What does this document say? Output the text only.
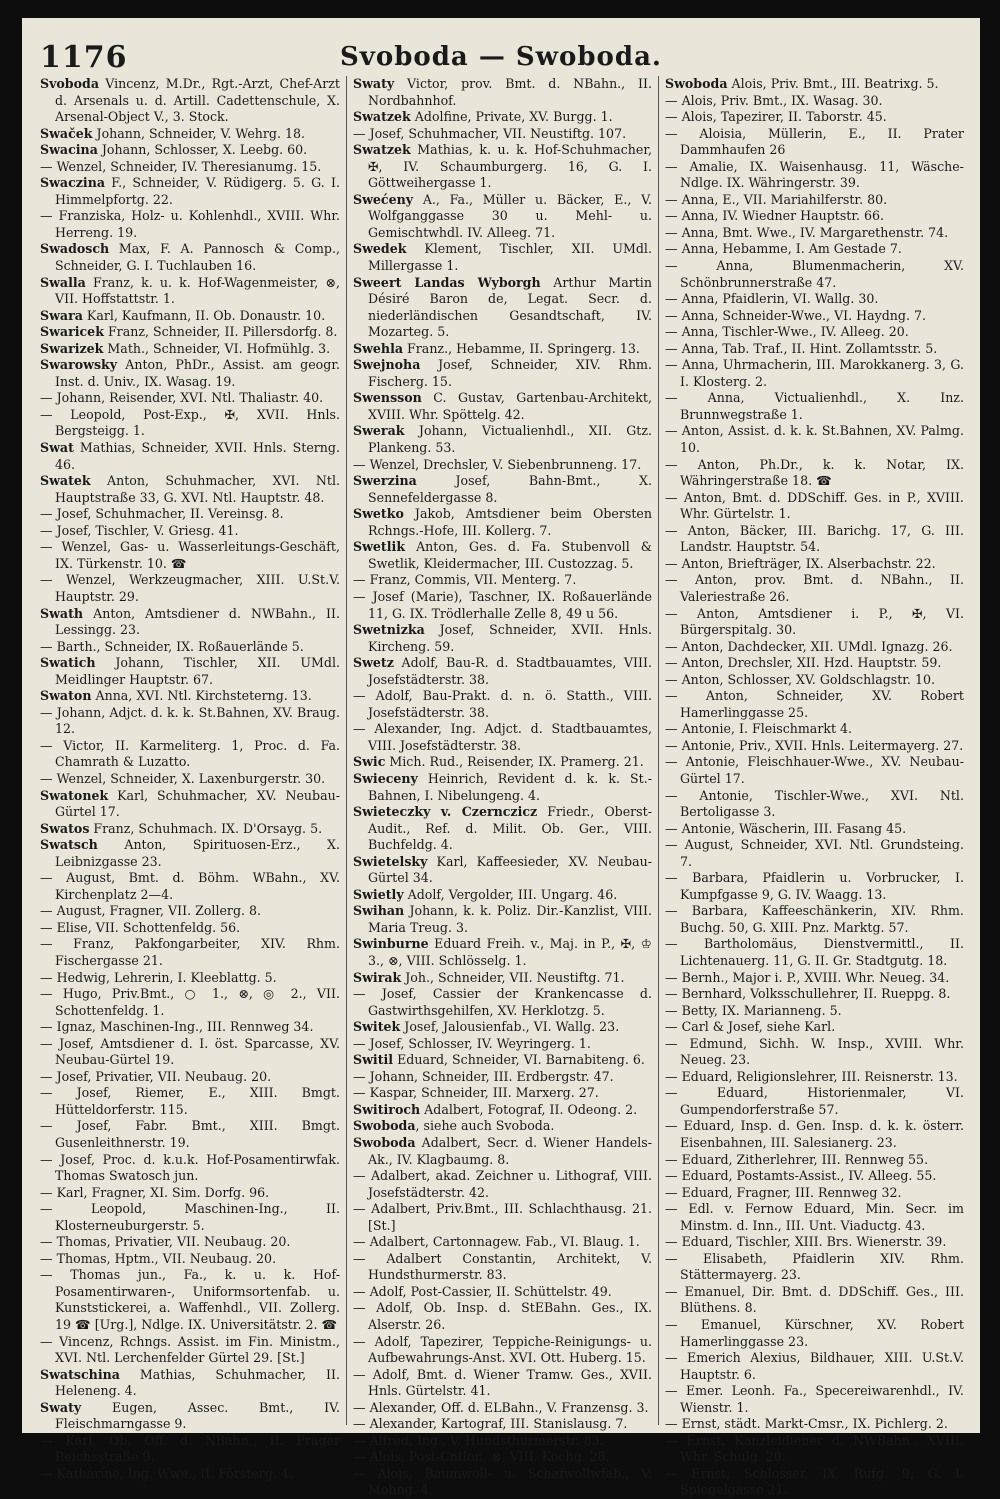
1176	Svoboda — Swoboda.

Svoboda Vincenz, M.Dr., Rgt.-Arzt, Chef-Arzt d. Arsenals u. d. Artill. Cadettenschule, X. Arsenal-Object V., 3. Stock.

Swaček Johann, Schneider, V. Wehrg. 18.

Swacina Johann, Schlosser, X. Leebg. 60.

— Wenzel, Schneider, IV. Theresianumg. 15.

Swaczina F., Schneider, V. Rüdigerg. 5. G. I. Himmelpfortg. 22.

— Franziska, Holz- u. Kohlenhdl., XVIII. Whr. Herreng. 19.

Swadosch Max, F. A. Pannosch & Comp., Schneider, G. I. Tuchlauben 16.

Swalla Franz, k. u. k. Hof-Wagenmeister, ⊗, VII. Hoffstattstr. 1.

Swara Karl, Kaufmann, II. Ob. Donaustr. 10.

Swaricek Franz, Schneider, II. Pillersdorfg. 8.

Swarizek Math., Schneider, VI. Hofmühlg. 3.

Swarowsky Anton, PhDr., Assist. am geogr. Inst. d. Univ., IX. Wasag. 19.

— Johann, Reisender, XVI. Ntl. Thaliastr. 40.

— Leopold, Post-Exp., ✠, XVII. Hnls. Bergsteigg. 1.

Swat Mathias, Schneider, XVII. Hnls. Sterng. 46.

Swatek Anton, Schuhmacher, XVI. Ntl. Hauptstraße 33, G. XVI. Ntl. Hauptstr. 48.

— Josef, Schuhmacher, II. Vereinsg. 8.

— Josef, Tischler, V. Griesg. 41.

— Wenzel, Gas- u. Wasserleitungs-Geschäft, IX. Türkenstr. 10. ☎

— Wenzel, Werkzeugmacher, XIII. U.St.V. Hauptstr. 29.

Swath Anton, Amtsdiener d. NWBahn., II. Lessingg. 23.

— Barth., Schneider, IX. Roßauerlände 5.

Swatich Johann, Tischler, XII. UMdl. Meidlinger Hauptstr. 67.

Swaton Anna, XVI. Ntl. Kirchsteterng. 13.

— Johann, Adjct. d. k. k. St.Bahnen, XV. Braug. 12.

— Victor, II. Karmeliterg. 1, Proc. d. Fa. Chamrath & Luzatto.

— Wenzel, Schneider, X. Laxenburgerstr. 30.

Swatonek Karl, Schuhmacher, XV. Neubau-Gürtel 17.

Swatos Franz, Schuhmach. IX. D'Orsayg. 5.

Swatsch Anton, Spirituosen-Erz., X. Leibnizgasse 23.

— August, Bmt. d. Böhm. WBahn., XV. Kirchenplatz 2—4.

— August, Fragner, VII. Zollerg. 8.

— Elise, VII. Schottenfeldg. 56.

— Franz, Pakfongarbeiter, XIV. Rhm. Fischergasse 21.

— Hedwig, Lehrerin, I. Kleeblattg. 5.

— Hugo, Priv.Bmt., ○ 1., ⊗, ◎ 2., VII. Schottenfeldg. 1.

— Ignaz, Maschinen-Ing., III. Rennweg 34.

— Josef, Amtsdiener d. I. öst. Sparcasse, XV. Neubau-Gürtel 19.

— Josef, Privatier, VII. Neubaug. 20.

— Josef, Riemer, E., XIII. Bmgt. Hütteldorferstr. 115.

— Josef, Fabr. Bmt., XIII. Bmgt. Gusenleithnerstr. 19.

— Josef, Proc. d. k.u.k. Hof-Posamentirwfak. Thomas Swatosch jun.

— Karl, Fragner, XI. Sim. Dorfg. 96.

— Leopold, Maschinen-Ing., II. Klosterneuburgerstr. 5.

— Thomas, Privatier, VII. Neubaug. 20.

— Thomas, Hptm., VII. Neubaug. 20.

— Thomas jun., Fa., k. u. k. Hof-Posamentirwaren-, Uniformsortenfab. u. Kunststickerei, a. Waffenhdl., VII. Zollerg. 19 ☎ [Urg.], Ndlge. IX. Universitätstr. 2. ☎

— Vincenz, Rchngs. Assist. im Fin. Ministm., XVI. Ntl. Lerchenfelder Gürtel 29. [St.]

Swatschina Mathias, Schuhmacher, II. Heleneng. 4.

Swaty Eugen, Assec. Bmt., IV. Fleischmarngasse 9.

— Karl, Ob. Off. d. NBahn., II. Prager Reichsstraße 9.

— Katharine, Ing. Wwe., II. Försterg. 4.

Swaty Victor, prov. Bmt. d. NBahn., II. Nordbahnhof.

Swatzek Adolfine, Private, XV. Burgg. 1.

— Josef, Schuhmacher, VII. Neustiftg. 107.

Swatzek Mathias, k. u. k. Hof-Schuhmacher, ✠, IV. Schaumburgerg. 16, G. I. Göttweihergasse 1.

Swećeny A., Fa., Müller u. Bäcker, E., V. Wolfganggasse 30 u. Mehl- u. Gemischtwhdl. IV. Alleeg. 71.

Swedek Klement, Tischler, XII. UMdl. Millergasse 1.

Sweert Landas Wyborgh Arthur Martin Désiré Baron de, Legat. Secr. d. niederländischen Gesandtschaft, IV. Mozarteg. 5.

Swehla Franz., Hebamme, II. Springerg. 13.

Swejnoha Josef, Schneider, XIV. Rhm. Fischerg. 15.

Swensson C. Gustav, Gartenbau-Architekt, XVIII. Whr. Spöttelg. 42.

Swerak Johann, Victualienhdl., XII. Gtz. Plankeng. 53.

— Wenzel, Drechsler, V. Siebenbrunneng. 17.

Swerzina Josef, Bahn-Bmt., X. Sennefeldergasse 8.

Swetko Jakob, Amtsdiener beim Obersten Rchngs.-Hofe, III. Kollerg. 7.

Swetlik Anton, Ges. d. Fa. Stubenvoll & Swetlik, Kleidermacher, III. Custozzag. 5.

— Franz, Commis, VII. Menterg. 7.

— Josef (Marie), Taschner, IX. Roßauerlände 11, G. IX. Trödlerhalle Zelle 8, 49 u 56.

Swetnizka Josef, Schneider, XVII. Hnls. Kircheng. 59.

Swetz Adolf, Bau-R. d. Stadtbauamtes, VIII. Josefstädterstr. 38.

— Adolf, Bau-Prakt. d. n. ö. Statth., VIII. Josefstädterstr. 38.

— Alexander, Ing. Adjct. d. Stadtbauamtes, VIII. Josefstädterstr. 38.

Swic Mich. Rud., Reisender, IX. Pramerg. 21.

Swieceny Heinrich, Revident d. k. k. St.-Bahnen, I. Nibelungeng. 4.

Swieteczky v. Czernczicz Friedr., Oberst-Audit., Ref. d. Milit. Ob. Ger., VIII. Buchfeldg. 4.

Swietelsky Karl, Kaffeesieder, XV. Neubau-Gürtel 34.

Swietly Adolf, Vergolder, III. Ungarg. 46.

Swihan Johann, k. k. Poliz. Dir.-Kanzlist, VIII. Maria Treug. 3.

Swinburne Eduard Freih. v., Maj. in P., ✠, ♔ 3., ⊗, VIII. Schlösselg. 1.

Swirak Joh., Schneider, VII. Neustiftg. 71.

— Josef, Cassier der Krankencasse d. Gastwirthsgehilfen, XV. Herklotzg. 5.

Switek Josef, Jalousienfab., VI. Wallg. 23.

— Josef, Schlosser, IV. Weyringerg. 1.

Switil Eduard, Schneider, VI. Barnabiteng. 6.

— Johann, Schneider, III. Erdbergstr. 47.

— Kaspar, Schneider, III. Marxerg. 27.

Switiroch Adalbert, Fotograf, II. Odeong. 2.

Swoboda, siehe auch Svoboda.

Swoboda Adalbert, Secr. d. Wiener Handels-Ak., IV. Klagbaumg. 8.

— Adalbert, akad. Zeichner u. Lithograf, VIII. Josefstädterstr. 42.

— Adalbert, Priv.Bmt., III. Schlachthausg. 21. [St.]

— Adalbert, Cartonnagew. Fab., VI. Blaug. 1.

— Adalbert Constantin, Architekt, V. Hundsthurmerstr. 83.

— Adolf, Post-Cassier, II. Schüttelstr. 49.

— Adolf, Ob. Insp. d. StEBahn. Ges., IX. Alserstr. 26.

— Adolf, Tapezirer, Teppiche-Reinigungs- u. Aufbewahrungs-Anst. XVI. Ott. Huberg. 15.

— Adolf, Bmt. d. Wiener Tramw. Ges., XVII. Hnls. Gürtelstr. 41.

— Alexander, Off. d. ELBahn., V. Franzensg. 3.

— Alexander, Kartograf, III. Stanislausg. 7.

— Alfred, Ing., V. Hundsthurmerstr. 83.

— Alois, Post-Cntlor., ⊗, VIII. Kochg. 28.

— Alois, Baumwoll- u. Schafwollwfab., V. Mohng. 4.

Swoboda Alois, Priv. Bmt., III. Beatrixg. 5.

— Alois, Priv. Bmt., IX. Wasag. 30.

— Alois, Tapezirer, II. Taborstr. 45.

— Aloisia, Müllerin, E., II. Prater Dammhaufen 26

— Amalie, IX. Waisenhausg. 11, Wäsche-Ndlge. IX. Währingerstr. 39.

— Anna, E., VII. Mariahilferstr. 80.

— Anna, IV. Wiedner Hauptstr. 66.

— Anna, Bmt. Wwe., IV. Margarethenstr. 74.

— Anna, Hebamme, I. Am Gestade 7.

— Anna, Blumenmacherin, XV. Schönbrunnerstraße 47.

— Anna, Pfaidlerin, VI. Wallg. 30.

— Anna, Schneider-Wwe., VI. Haydng. 7.

— Anna, Tischler-Wwe., IV. Alleeg. 20.

— Anna, Tab. Traf., II. Hint. Zollamtsstr. 5.

— Anna, Uhrmacherin, III. Marokkanerg. 3, G. I. Klosterg. 2.

— Anna, Victualienhdl., X. Inz. Brunnwegstraße 1.

— Anton, Assist. d. k. k. St.Bahnen, XV. Palmg. 10.

— Anton, Ph.Dr., k. k. Notar, IX. Währingerstraße 18. ☎

— Anton, Bmt. d. DDSchiff. Ges. in P., XVIII. Whr. Gürtelstr. 1.

— Anton, Bäcker, III. Barichg. 17, G. III. Landstr. Hauptstr. 54.

— Anton, Briefträger, IX. Alserbachstr. 22.

— Anton, prov. Bmt. d. NBahn., II. Valeriestraße 26.

— Anton, Amtsdiener i. P., ✠, VI. Bürgerspitalg. 30.

— Anton, Dachdecker, XII. UMdl. Ignazg. 26.

— Anton, Drechsler, XII. Hzd. Hauptstr. 59.

— Anton, Schlosser, XV. Goldschlagstr. 10.

— Anton, Schneider, XV. Robert Hamerlinggasse 25.

— Antonie, I. Fleischmarkt 4.

— Antonie, Priv., XVII. Hnls. Leitermayerg. 27.

— Antonie, Fleischhauer-Wwe., XV. Neubau-Gürtel 17.

— Antonie, Tischler-Wwe., XVI. Ntl. Bertoligasse 3.

— Antonie, Wäscherin, III. Fasang 45.

— August, Schneider, XVI. Ntl. Grundsteing. 7.

— Barbara, Pfaidlerin u. Vorbrucker, I. Kumpfgasse 9, G. IV. Waagg. 13.

— Barbara, Kaffeeschänkerin, XIV. Rhm. Buchg. 50, G. XIII. Pnz. Marktg. 57.

— Bartholomäus, Dienstvermittl., II. Lichtenauerg. 11, G. II. Gr. Stadtgutg. 18.

— Bernh., Major i. P., XVIII. Whr. Neueg. 34.

— Bernhard, Volksschullehrer, II. Rueppg. 8.

— Betty, IX. Marianneng. 5.

— Carl & Josef, siehe Karl.

— Edmund, Sichh. W. Insp., XVIII. Whr. Neueg. 23.

— Eduard, Religionslehrer, III. Reisnerstr. 13.

— Eduard, Historienmaler, VI. Gumpendorferstraße 57.

— Eduard, Insp. d. Gen. Insp. d. k. k. österr. Eisenbahnen, III. Salesianerg. 23.

— Eduard, Zitherlehrer, III. Rennweg 55.

— Eduard, Postamts-Assist., IV. Alleeg. 55.

— Eduard, Fragner, III. Rennweg 32.

— Edl. v. Fernow Eduard, Min. Secr. im Minstm. d. Inn., III. Unt. Viaductg. 43.

— Eduard, Tischler, XIII. Brs. Wienerstr. 39.

— Elisabeth, Pfaidlerin XIV. Rhm. Stättermayerg. 23.

— Emanuel, Dir. Bmt. d. DDSchiff. Ges., III. Blüthens. 8.

— Emanuel, Kürschner, XV. Robert Hamerlinggasse 23.

— Emerich Alexius, Bildhauer, XIII. U.St.V. Hauptstr. 6.

— Emer. Leonh. Fa., Specereiwarenhdl., IV. Wienstr. 1.

— Ernst, städt. Markt-Cmsr., IX. Pichlerg. 2.

— Ernst, Kanzleidiener d. NWBahn., XVIII. Whr. Schulg. 20.

— Ernst, Schlosser, IX. Rufg. 9, G. I. Spiegelgasse 21.
